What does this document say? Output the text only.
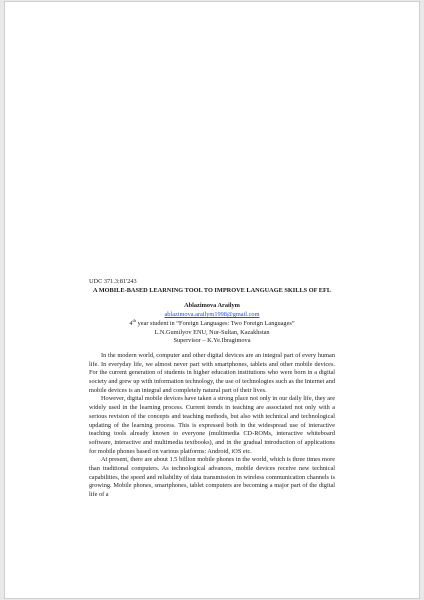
UDC 371.3:81'243

A MOBILE-BASED LEARNING TOOL TO IMPROVE LANGUAGE SKILLS OF EFL

Ablazimova Arailym
ablazimova.arailym1998@gmail.com
4th year student in “Foreign Languages: Two Foreign Languages”
L.N.Gumilyov ENU, Nur-Sultan, Kazakhstan
Supervisor – K.Ye.Ibragimova

In the modern world, computer and other digital devices are an integral part of every human life. In everyday life, we almost never part with smartphones, tablets and other mobile devices. For the current generation of students in higher education institutions who were born in a digital society and grew up with information technology, the use of technologies such as the Internet and mobile devices is an integral and completely natural part of their lives.

However, digital mobile devices have taken a strong place not only in our daily life, they are widely used in the learning process. Current trends in teaching are associated not only with a serious revision of the concepts and teaching methods, but also with technical and technological updating of the learning process. This is expressed both in the widespread use of interactive teaching tools already known to everyone (multimedia CD-ROMs, interactive whiteboard software, interactive and multimedia textbooks), and in the gradual introduction of applications for mobile phones based on various platforms: Android, iOS etc.

At present, there are about 1.5 billion mobile phones in the world, which is three times more than traditional computers. As technological advances, mobile devices receive new technical capabilities, the speed and reliability of data transmission in wireless communication channels is growing. Mobile phones, smartphones, tablet computers are becoming a major part of the digital life of a
